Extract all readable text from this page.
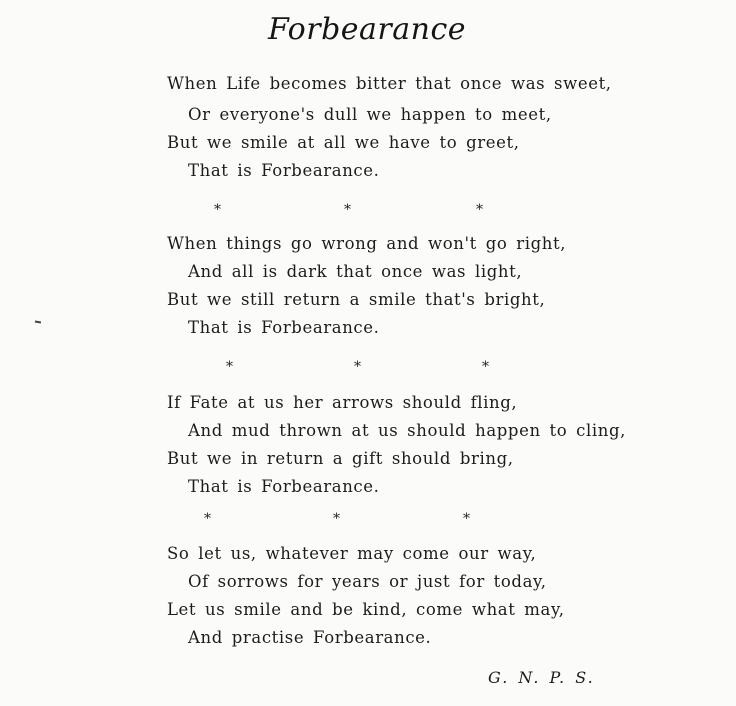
Forbearance
When Life becomes bitter that once was sweet,
Or everyone's dull we happen to meet,
But we smile at all we have to greet,
That is Forbearance.
*	*	*
When things go wrong and won't go right,
And all is dark that once was light,
But we still return a smile that's bright,
That is Forbearance.
*	*	*
If Fate at us her arrows should fling,
And mud thrown at us should happen to cling,
But we in return a gift should bring,
That is Forbearance.
*	*	*
So let us, whatever may come our way,
Of sorrows for years or just for today,
Let us smile and be kind, come what may,
And practise Forbearance.
G. N. P. S.
